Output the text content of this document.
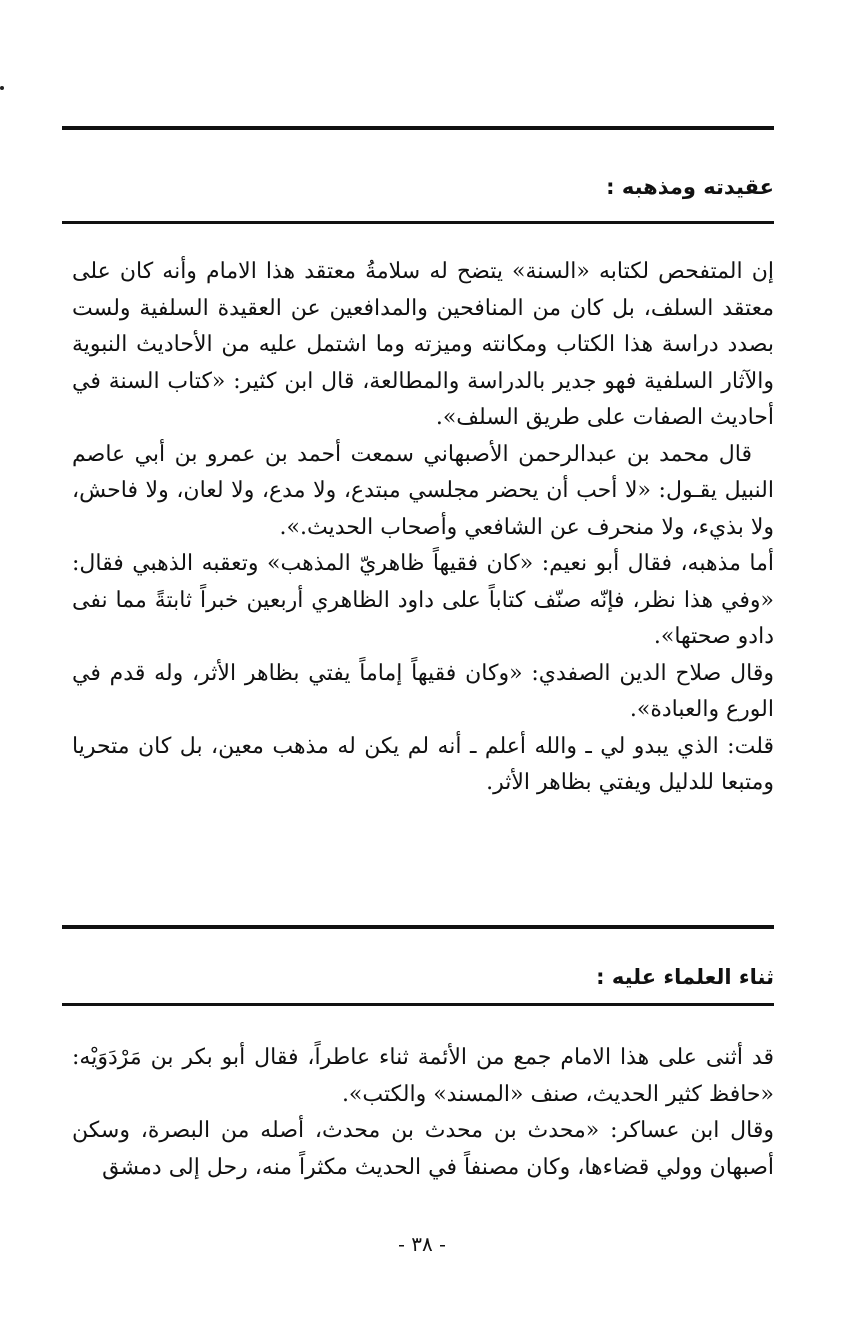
عقيدته ومذهبه :

إن المتفحص لكتابه «السنة» يتضح له سلامةُ معتقد هذا الامام وأنه كان على معتقد السلف، بل كان من المنافحين والمدافعين عن العقيدة السلفية ولست بصدد دراسة هذا الكتاب ومكانته وميزته وما اشتمل عليه من الأحاديث النبوية والآثار السلفية فهو جدير بالدراسة والمطالعة، قال ابن كثير: «كتاب السنة في أحاديث الصفات على طريق السلف».

قال محمد بن عبدالرحمن الأصبهاني سمعت أحمد بن عمرو بن أبي عاصم النبيل يقـول: «لا أحب أن يحضر مجلسي مبتدع، ولا مدع، ولا لعان، ولا فاحش، ولا بذيء، ولا منحرف عن الشافعي وأصحاب الحديث.».

أما مذهبه، فقال أبو نعيم: «كان فقيهاً ظاهريّ المذهب» وتعقبه الذهبي فقال: «وفي هذا نظر، فإنّه صنّف كتاباً على داود الظاهري أربعين خبراً ثابتةً مما نفى دادو صحتها».

وقال صلاح الدين الصفدي: «وكان فقيهاً إماماً يفتي بظاهر الأثر، وله قدم في الورع والعبادة».

قلت: الذي يبدو لي ـ والله أعلم ـ أنه لم يكن له مذهب معين، بل كان متحريا ومتبعا للدليل ويفتي بظاهر الأثر.

ثناء العلماء عليه :

قد أثنى على هذا الامام جمع من الأئمة ثناء عاطراً، فقال أبو بكر بن مَرْدَوَيْه: «حافظ كثير الحديث، صنف «المسند» والكتب».

وقال ابن عساكر: «محدث بن محدث بن محدث، أصله من البصرة، وسكن أصبهان وولي قضاءها، وكان مصنفاً في الحديث مكثراً منه، رحل إلى دمشق

- ٣٨ -
